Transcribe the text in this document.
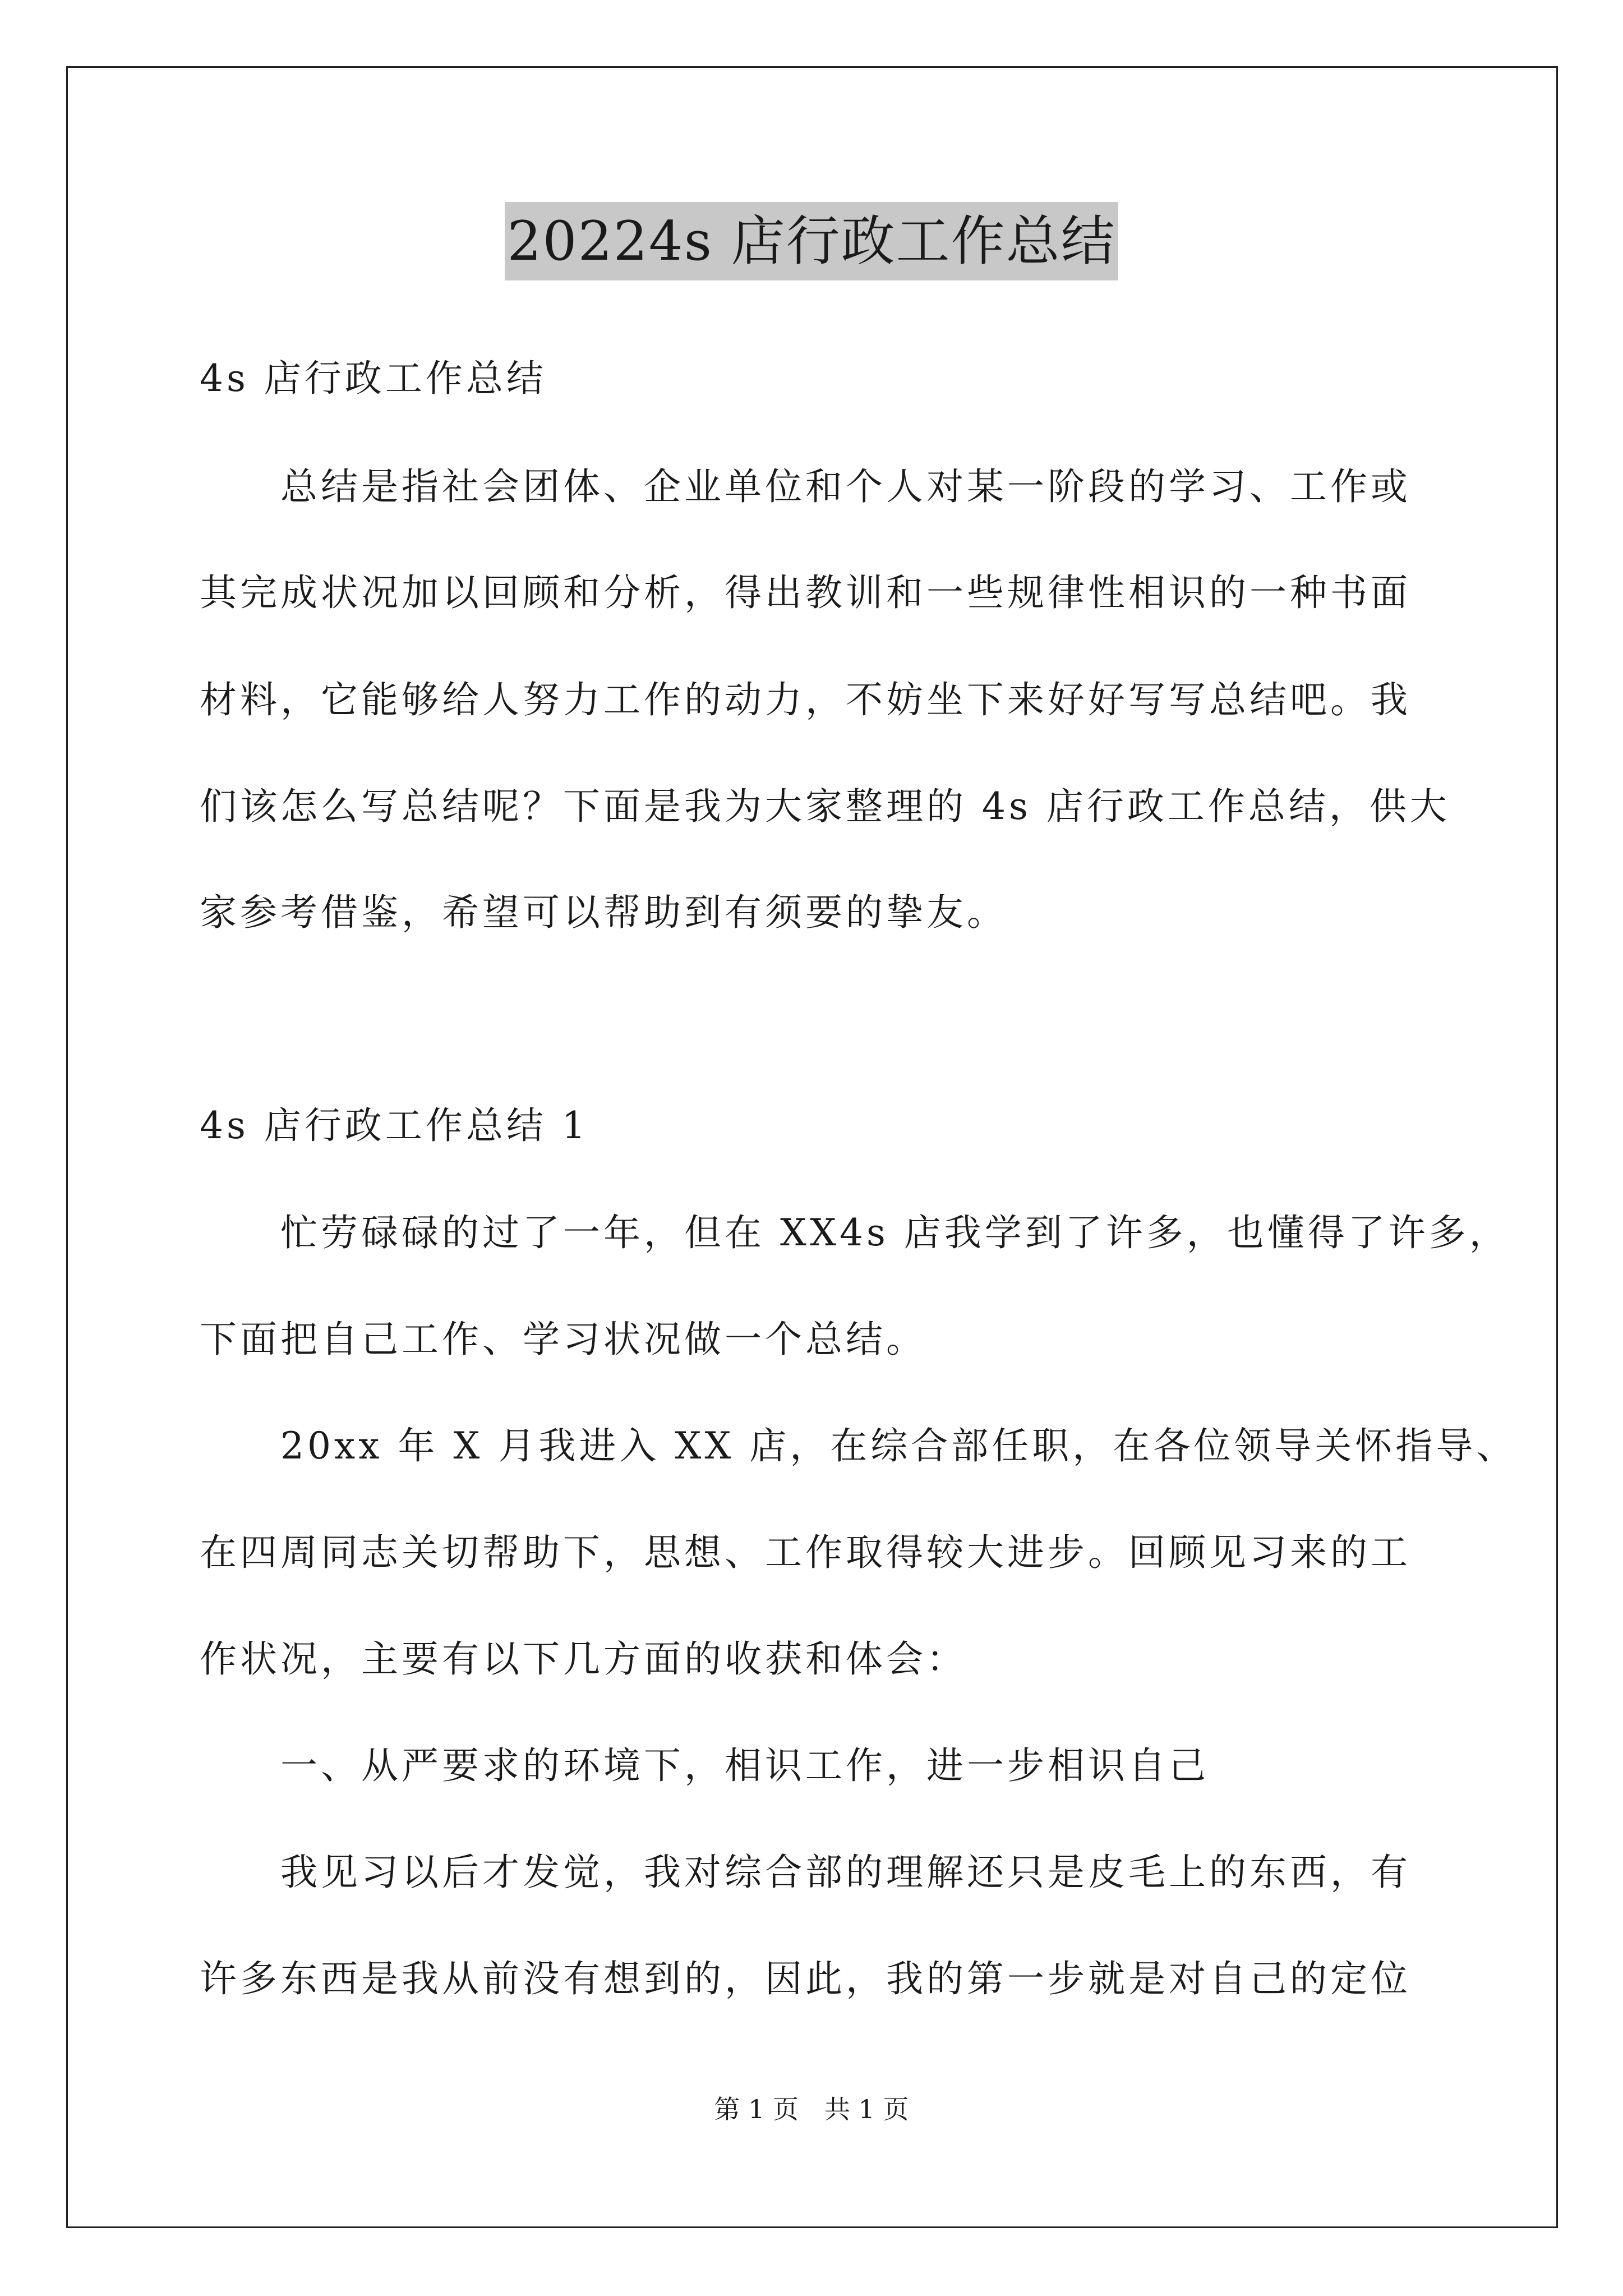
20224s 店行政工作总结
4s 店行政工作总结
　　总结是指社会团体、企业单位和个人对某一阶段的学习、工作或
其完成状况加以回顾和分析，得出教训和一些规律性相识的一种书面
材料，它能够给人努力工作的动力，不妨坐下来好好写写总结吧。我
们该怎么写总结呢？下面是我为大家整理的 4s 店行政工作总结，供大
家参考借鉴，希望可以帮助到有须要的挚友。
4s 店行政工作总结 1
　　忙劳碌碌的过了一年，但在 XX4s 店我学到了许多，也懂得了许多，
下面把自己工作、学习状况做一个总结。
　　20xx 年 X 月我进入 XX 店，在综合部任职，在各位领导关怀指导、
在四周同志关切帮助下，思想、工作取得较大进步。回顾见习来的工
作状况，主要有以下几方面的收获和体会：
　　一、从严要求的环境下，相识工作，进一步相识自己
　　我见习以后才发觉，我对综合部的理解还只是皮毛上的东西，有
许多东西是我从前没有想到的，因此，我的第一步就是对自己的定位
第 1 页　共 1 页
